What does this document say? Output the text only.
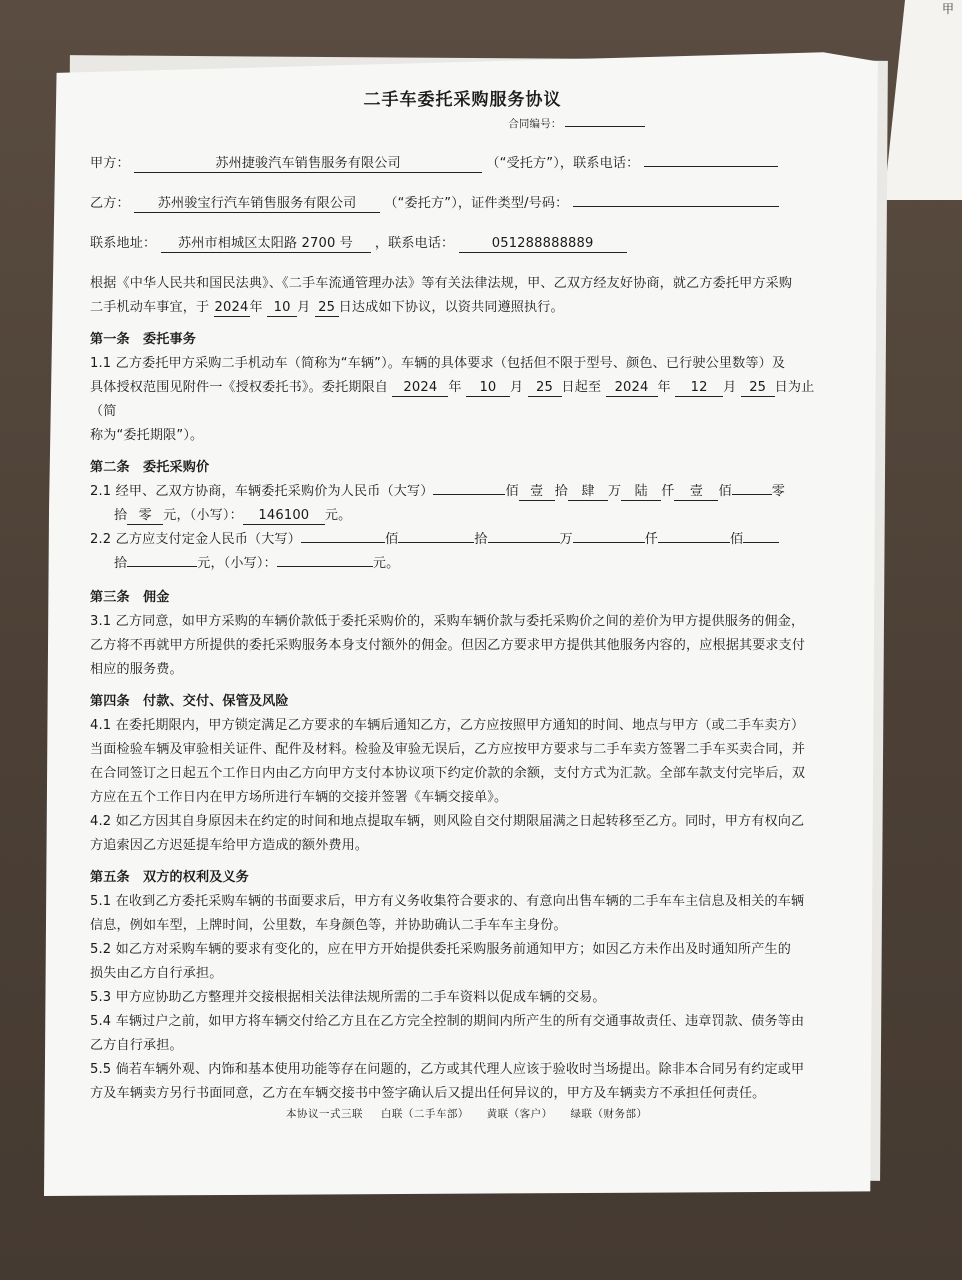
甲
二手车委托采购服务协议
合同编号：
甲方：	苏州捷骏汽车销售服务有限公司	（“受托方”），联系电话：
乙方： 苏州骏宝行汽车销售服务有限公司 （“委托方”），证件类型/号码：
联系地址： 苏州市相城区太阳路 2700 号 ，联系电话：	051288888889
根据《中华人民共和国民法典》、《二手车流通管理办法》等有关法律法规，甲、乙双方经友好协商，就乙方委托甲方采购
二手机动车事宜，于 2024年 10 月 25 日达成如下协议，以资共同遵照执行。
第一条　委托事务
1.1 乙方委托甲方采购二手机动车（简称为“车辆”）。车辆的具体要求（包括但不限于型号、颜色、已行驶公里数等）及
具体授权范围见附件一《授权委托书》。委托期限自 2024 年 10 月 25 日起至 2024 年 12 月 25 日为止（简
称为“委托期限”）。
第二条　委托采购价
2.1 经甲、乙双方协商，车辆委托采购价为人民币（大写）	佰 壹 拾 肆 万 陆 仟 壹 佰	零
拾 零 元，（小写）： 146100 元。
2.2 乙方应支付定金人民币（大写）	佰	拾	万	仟	佰
拾	元，（小写）：	元。
第三条　佣金
3.1 乙方同意，如甲方采购的车辆价款低于委托采购价的，采购车辆价款与委托采购价之间的差价为甲方提供服务的佣金，
乙方将不再就甲方所提供的委托采购服务本身支付额外的佣金。但因乙方要求甲方提供其他服务内容的，应根据其要求支付
相应的服务费。
第四条　付款、交付、保管及风险
4.1 在委托期限内，甲方锁定满足乙方要求的车辆后通知乙方，乙方应按照甲方通知的时间、地点与甲方（或二手车卖方）
当面检验车辆及审验相关证件、配件及材料。检验及审验无误后，乙方应按甲方要求与二手车卖方签署二手车买卖合同，并
在合同签订之日起五个工作日内由乙方向甲方支付本协议项下约定价款的余额，支付方式为汇款。全部车款支付完毕后，双
方应在五个工作日内在甲方场所进行车辆的交接并签署《车辆交接单》。
4.2 如乙方因其自身原因未在约定的时间和地点提取车辆，则风险自交付期限届满之日起转移至乙方。同时，甲方有权向乙
方追索因乙方迟延提车给甲方造成的额外费用。
第五条　双方的权利及义务
5.1 在收到乙方委托采购车辆的书面要求后，甲方有义务收集符合要求的、有意向出售车辆的二手车车主信息及相关的车辆
信息，例如车型，上牌时间，公里数，车身颜色等，并协助确认二手车车主身份。
5.2 如乙方对采购车辆的要求有变化的，应在甲方开始提供委托采购服务前通知甲方；如因乙方未作出及时通知所产生的
损失由乙方自行承担。
5.3 甲方应协助乙方整理并交接根据相关法律法规所需的二手车资料以促成车辆的交易。
5.4 车辆过户之前，如甲方将车辆交付给乙方且在乙方完全控制的期间内所产生的所有交通事故责任、违章罚款、债务等由
乙方自行承担。
5.5 倘若车辆外观、内饰和基本使用功能等存在问题的，乙方或其代理人应该于验收时当场提出。除非本合同另有约定或甲
方及车辆卖方另行书面同意，乙方在车辆交接书中签字确认后又提出任何异议的，甲方及车辆卖方不承担任何责任。
本协议一式三联 白联（二手车部） 黄联（客户） 绿联（财务部）
